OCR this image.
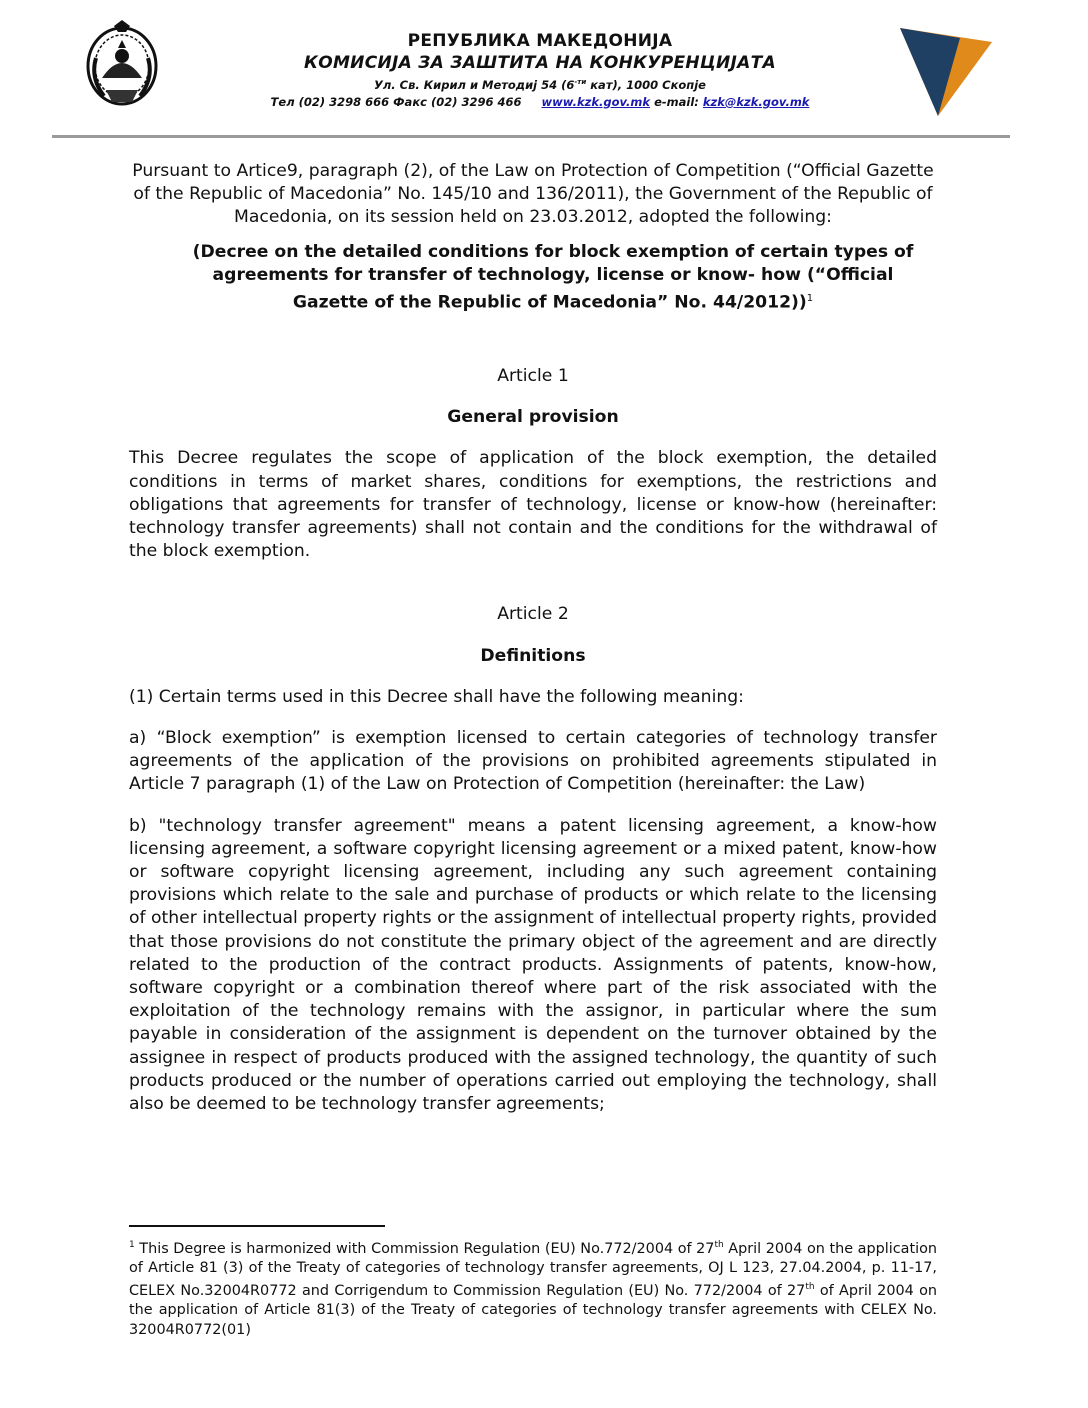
РЕПУБЛИКА МАКЕДОНИЈА
КОМИСИЈА ЗА ЗАШТИТА НА КОНКУРЕНЦИЈАТА
Ул. Св. Кирил и Методиј 54 ($6^{-ти}$ кат), 1000 Скопје
Тел (02) 3298 666 Факс (02) 3296 466 www.kzk.gov.mk e-mail: kzk@kzk.gov.mk

Pursuant to Artice9, paragraph (2), of the Law on Protection of Competition (“Official Gazette of the Republic of Macedonia” No. 145/10 and 136/2011), the Government of the Republic of Macedonia, on its session held on 23.03.2012, adopted the following:

(Decree on the detailed conditions for block exemption of certain types of agreements for transfer of technology, license or know- how (“Official Gazette of the Republic of Macedonia” No. 44/2012))$^1$

Article 1

General provision

This Decree regulates the scope of application of the block exemption, the detailed conditions in terms of market shares, conditions for exemptions, the restrictions and obligations that agreements for transfer of technology, license or know-how (hereinafter: technology transfer agreements) shall not contain and the conditions for the withdrawal of the block exemption.

Article 2

Definitions

(1) Certain terms used in this Decree shall have the following meaning:

a) “Block exemption” is exemption licensed to certain categories of technology transfer agreements of the application of the provisions on prohibited agreements stipulated in Article 7 paragraph (1) of the Law on Protection of Competition (hereinafter: the Law)

b) "technology transfer agreement" means a patent licensing agreement, a know-how licensing agreement, a software copyright licensing agreement or a mixed patent, know-how or software copyright licensing agreement, including any such agreement containing provisions which relate to the sale and purchase of products or which relate to the licensing of other intellectual property rights or the assignment of intellectual property rights, provided that those provisions do not constitute the primary object of the agreement and are directly related to the production of the contract products. Assignments of patents, know-how, software copyright or a combination thereof where part of the risk associated with the exploitation of the technology remains with the assignor, in particular where the sum payable in consideration of the assignment is dependent on the turnover obtained by the assignee in respect of products produced with the assigned technology, the quantity of such products produced or the number of operations carried out employing the technology, shall also be deemed to be technology transfer agreements;

$^1$ This Degree is harmonized with Commission Regulation (EU) No.772/2004 of 27th April 2004 on the application of Article 81 (3) of the Treaty of categories of technology transfer agreements, OJ L 123, 27.04.2004, p. 11-17, CELEX No.32004R0772 and Corrigendum to Commission Regulation (EU) No. 772/2004 of 27th of April 2004 on the application of Article 81(3) of the Treaty of categories of technology transfer agreements with CELEX No. 32004R0772(01)
